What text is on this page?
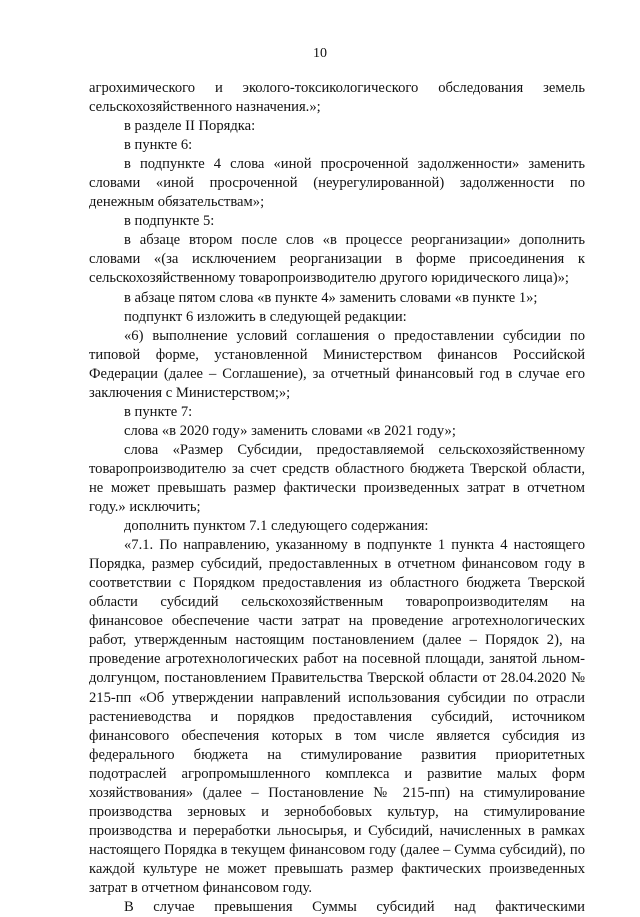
10

агрохимического и эколого-токсикологического обследования земель сельскохозяйственного назначения.»;

в разделе II Порядка:

в пункте 6:

в подпункте 4 слова «иной просроченной задолженности» заменить словами «иной просроченной (неурегулированной) задолженности по денежным обязательствам»;

в подпункте 5:

в абзаце втором после слов «в процессе реорганизации» дополнить словами «(за исключением реорганизации в форме присоединения к сельскохозяйственному товаропроизводителю другого юридического лица)»;

в абзаце пятом слова «в пункте 4» заменить словами «в пункте 1»;

подпункт 6 изложить в следующей редакции:

«6) выполнение условий соглашения о предоставлении субсидии по типовой форме, установленной Министерством финансов Российской Федерации (далее – Соглашение), за отчетный финансовый год в случае его заключения с Министерством;»;

в пункте 7:

слова «в 2020 году» заменить словами «в 2021 году»;

слова «Размер Субсидии, предоставляемой сельскохозяйственному товаропроизводителю за счет средств областного бюджета Тверской области, не может превышать размер фактически произведенных затрат в отчетном году.» исключить;

дополнить пунктом 7.1 следующего содержания:

«7.1. По направлению, указанному в подпункте 1 пункта 4 настоящего Порядка, размер субсидий, предоставленных в отчетном финансовом году в соответствии с Порядком предоставления из областного бюджета Тверской области субсидий сельскохозяйственным товаропроизводителям на финансовое обеспечение части затрат на проведение агротехнологических работ, утвержденным настоящим постановлением (далее – Порядок 2), на проведение агротехнологических работ на посевной площади, занятой льном-долгунцом, постановлением Правительства Тверской области от 28.04.2020 № 215-пп «Об утверждении направлений использования субсидии по отрасли растениеводства и порядков предоставления субсидий, источником финансового обеспечения которых в том числе является субсидия из федерального бюджета на стимулирование развития приоритетных подотраслей агропромышленного комплекса и развитие малых форм хозяйствования» (далее – Постановление № 215-пп) на стимулирование производства зерновых и зернобобовых культур, на стимулирование производства и переработки льносырья, и Субсидий, начисленных в рамках настоящего Порядка в текущем финансовом году (далее – Сумма субсидий), по каждой культуре не может превышать размер фактических произведенных затрат в отчетном финансовом году.

В случае превышения Суммы субсидий над фактическими
